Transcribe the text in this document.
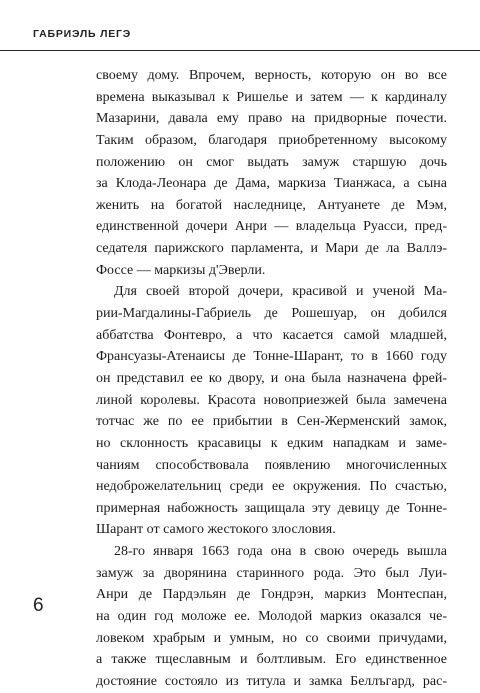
ГАБРИЭЛЬ ЛЕГЭ

своему дому. Впрочем, верность, которую он во все
времена выказывал к Ришелье и затем — к кардиналу
Мазарини, давала ему право на придворные почести.
Таким образом, благодаря приобретенному высокому
положению он смог выдать замуж старшую дочь
за Клода-Леонара де Дама, маркиза Тианжаса, а сына
женить на богатой наследнице, Антуанете де Мэм,
единственной дочери Анри — владельца Руасси, пред-
седателя парижского парламента, и Мари де ла Валлэ-
Фоссе — маркизы д'Эверли.

Для своей второй дочери, красивой и ученой Ма-
рии-Магдалины-Габриель де Рошешуар, он добился
аббатства Фонтевро, а что касается самой младшей,
Франсуазы-Атенаисы де Тонне-Шарант, то в 1660 году
он представил ее ко двору, и она была назначена фрей-
линой королевы. Красота новоприезжей была замечена
тотчас же по ее прибытии в Сен-Жерменский замок,
но склонность красавицы к едким нападкам и заме-
чаниям способствовала появлению многочисленных
недоброжелательниц среди ее окружения. По счастью,
примерная набожность защищала эту девицу де Тонне-
Шарант от самого жестокого злословия.

28-го января 1663 года она в свою очередь вышла
замуж за дворянина старинного рода. Это был Луи-
Анри де Пардэльян де Гондрэн, маркиз Монтеспан,
на один год моложе ее. Молодой маркиз оказался че-
ловеком храбрым и умным, но со своими причудами,
а также тщеславным и болтливым. Его единственное
достояние состояло из титула и замка Беллъгард, рас-

6
